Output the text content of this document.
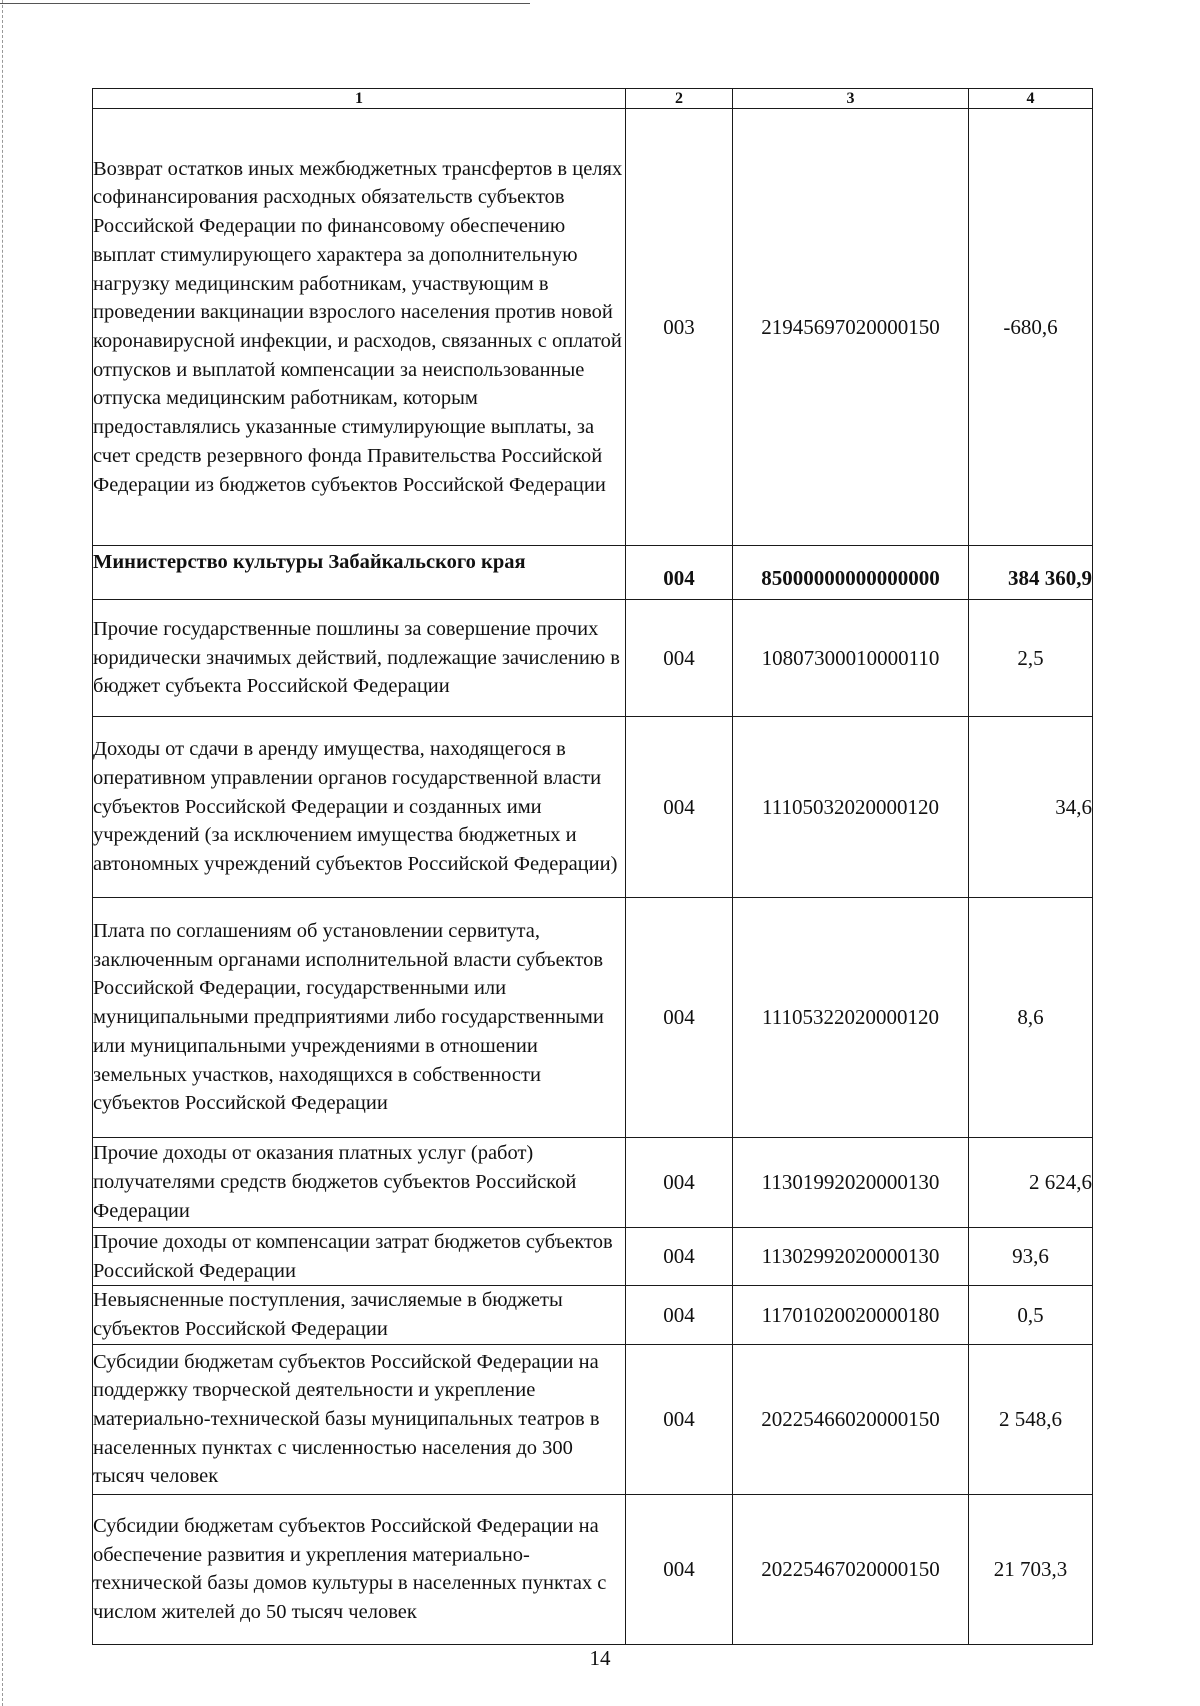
1	2	3	4
Возврат остатков иных межбюджетных трансфертов в целях софинансирования расходных обязательств субъектов Российской Федерации по финансовому обеспечению выплат стимулирующего характера за дополнительную нагрузку медицинским работникам, участвующим в проведении вакцинации взрослого населения против новой коронавирусной инфекции, и расходов, связанных с оплатой отпусков и выплатой компенсации за неиспользованные отпуска медицинским работникам, которым предоставлялись указанные стимулирующие выплаты, за счет средств резервного фонда Правительства Российской Федерации из бюджетов субъектов Российской Федерации	003	21945697020000150	-680,6
Министерство культуры Забайкальского края	004	85000000000000000	384 360,9
Прочие государственные пошлины за совершение прочих юридически значимых действий, подлежащие зачислению в бюджет субъекта Российской Федерации	004	10807300010000110	2,5
Доходы от сдачи в аренду имущества, находящегося в оперативном управлении органов государственной власти субъектов Российской Федерации и созданных ими учреждений (за исключением имущества бюджетных и автономных учреждений субъектов Российской Федерации)	004	11105032020000120	34,6
Плата по соглашениям об установлении сервитута, заключенным органами исполнительной власти субъектов Российской Федерации, государственными или муниципальными предприятиями либо государственными или муниципальными учреждениями в отношении земельных участков, находящихся в собственности субъектов Российской Федерации	004	11105322020000120	8,6
Прочие доходы от оказания платных услуг (работ) получателями средств бюджетов субъектов Российской Федерации	004	11301992020000130	2 624,6
Прочие доходы от компенсации затрат бюджетов субъектов Российской Федерации	004	11302992020000130	93,6
Невыясненные поступления, зачисляемые в бюджеты субъектов Российской Федерации	004	11701020020000180	0,5
Субсидии бюджетам субъектов Российской Федерации на поддержку творческой деятельности и укрепление материально-технической базы муниципальных театров в населенных пунктах с численностью населения до 300 тысяч человек	004	20225466020000150	2 548,6
Субсидии бюджетам субъектов Российской Федерации на обеспечение развития и укрепления материально-технической базы домов культуры в населенных пунктах с числом жителей до 50 тысяч человек	004	20225467020000150	21 703,3
14
